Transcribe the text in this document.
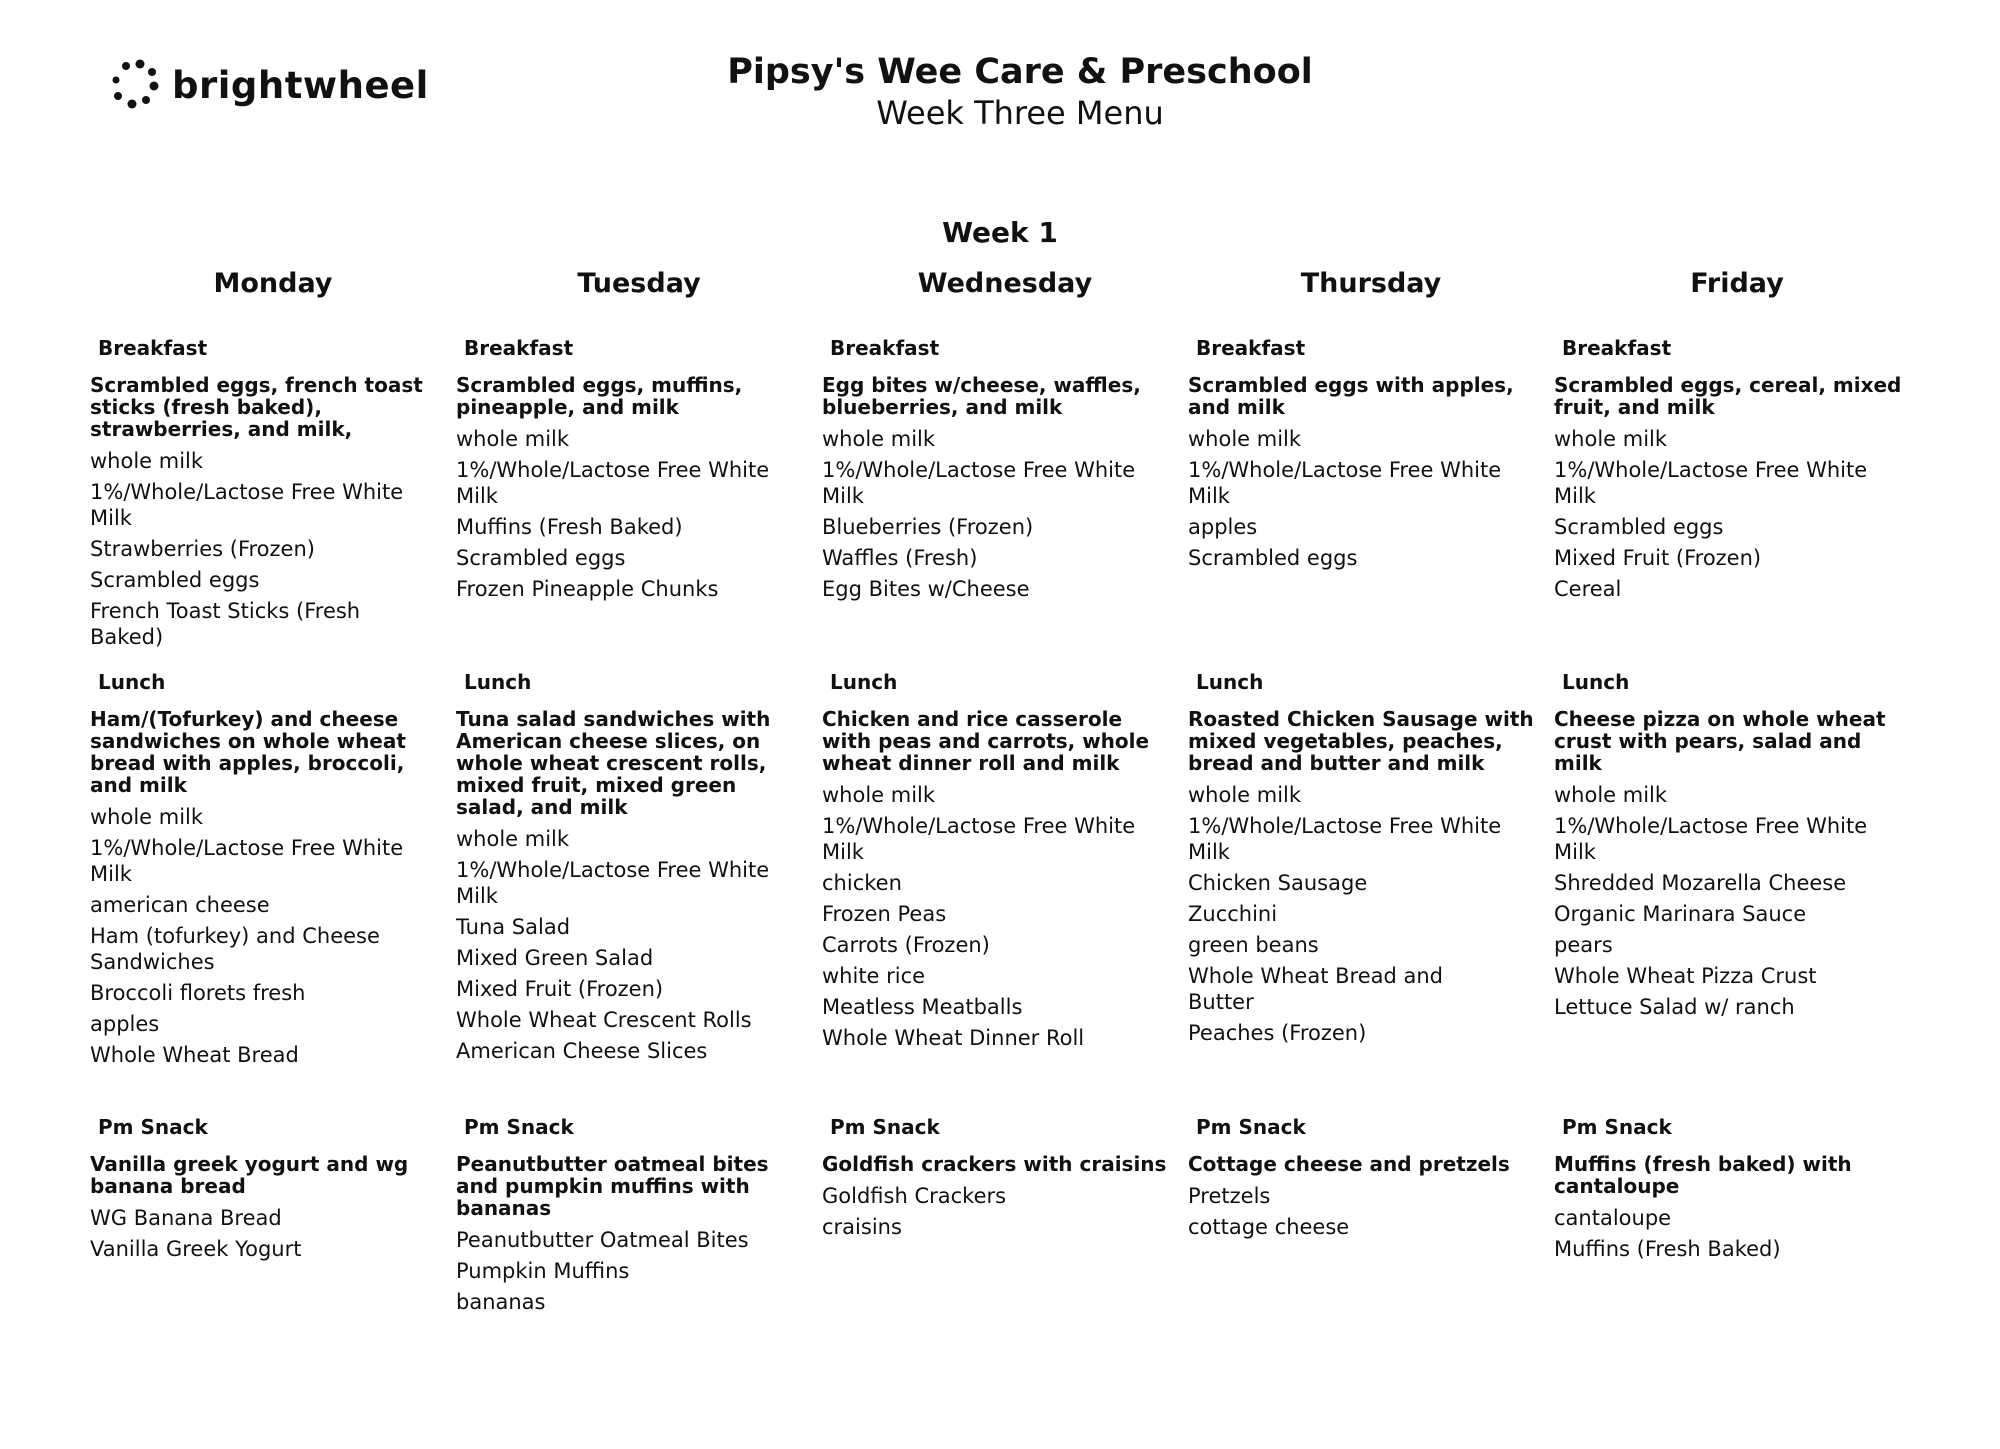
brightwheel	Pipsy's Wee Care & Preschool
Week Three Menu
Week 1
Monday
Breakfast
Scrambled eggs, french toast sticks (fresh baked), strawberries, and milk,
whole milk
1%/Whole/Lactose Free White Milk
Strawberries (Frozen)
Scrambled eggs
French Toast Sticks (Fresh Baked)
Lunch
Ham/(Tofurkey) and cheese sandwiches on whole wheat bread with apples, broccoli, and milk
whole milk
1%/Whole/Lactose Free White Milk
american cheese
Ham (tofurkey) and Cheese Sandwiches
Broccoli florets fresh
apples
Whole Wheat Bread
Pm Snack
Vanilla greek yogurt and wg banana bread
WG Banana Bread
Vanilla Greek Yogurt
Tuesday
Breakfast
Scrambled eggs, muffins, pineapple, and milk
whole milk
1%/Whole/Lactose Free White Milk
Muffins (Fresh Baked)
Scrambled eggs
Frozen Pineapple Chunks
Lunch
Tuna salad sandwiches with American cheese slices, on whole wheat crescent rolls, mixed fruit, mixed green salad, and milk
whole milk
1%/Whole/Lactose Free White Milk
Tuna Salad
Mixed Green Salad
Mixed Fruit (Frozen)
Whole Wheat Crescent Rolls
American Cheese Slices
Pm Snack
Peanutbutter oatmeal bites and pumpkin muffins with bananas
Peanutbutter Oatmeal Bites
Pumpkin Muffins
bananas
Wednesday
Breakfast
Egg bites w/cheese, waffles, blueberries, and milk
whole milk
1%/Whole/Lactose Free White Milk
Blueberries (Frozen)
Waffles (Fresh)
Egg Bites w/Cheese
Lunch
Chicken and rice casserole with peas and carrots, whole wheat dinner roll and milk
whole milk
1%/Whole/Lactose Free White Milk
chicken
Frozen Peas
Carrots (Frozen)
white rice
Meatless Meatballs
Whole Wheat Dinner Roll
Pm Snack
Goldfish crackers with craisins
Goldfish Crackers
craisins
Thursday
Breakfast
Scrambled eggs with apples, and milk
whole milk
1%/Whole/Lactose Free White Milk
apples
Scrambled eggs
Lunch
Roasted Chicken Sausage with mixed vegetables, peaches, bread and butter and milk
whole milk
1%/Whole/Lactose Free White Milk
Chicken Sausage
Zucchini
green beans
Whole Wheat Bread and Butter
Peaches (Frozen)
Pm Snack
Cottage cheese and pretzels
Pretzels
cottage cheese
Friday
Breakfast
Scrambled eggs, cereal, mixed fruit, and milk
whole milk
1%/Whole/Lactose Free White Milk
Scrambled eggs
Mixed Fruit (Frozen)
Cereal
Lunch
Cheese pizza on whole wheat crust with pears, salad and milk
whole milk
1%/Whole/Lactose Free White Milk
Shredded Mozarella Cheese
Organic Marinara Sauce
pears
Whole Wheat Pizza Crust
Lettuce Salad w/ ranch
Pm Snack
Muffins (fresh baked) with cantaloupe
cantaloupe
Muffins (Fresh Baked)
